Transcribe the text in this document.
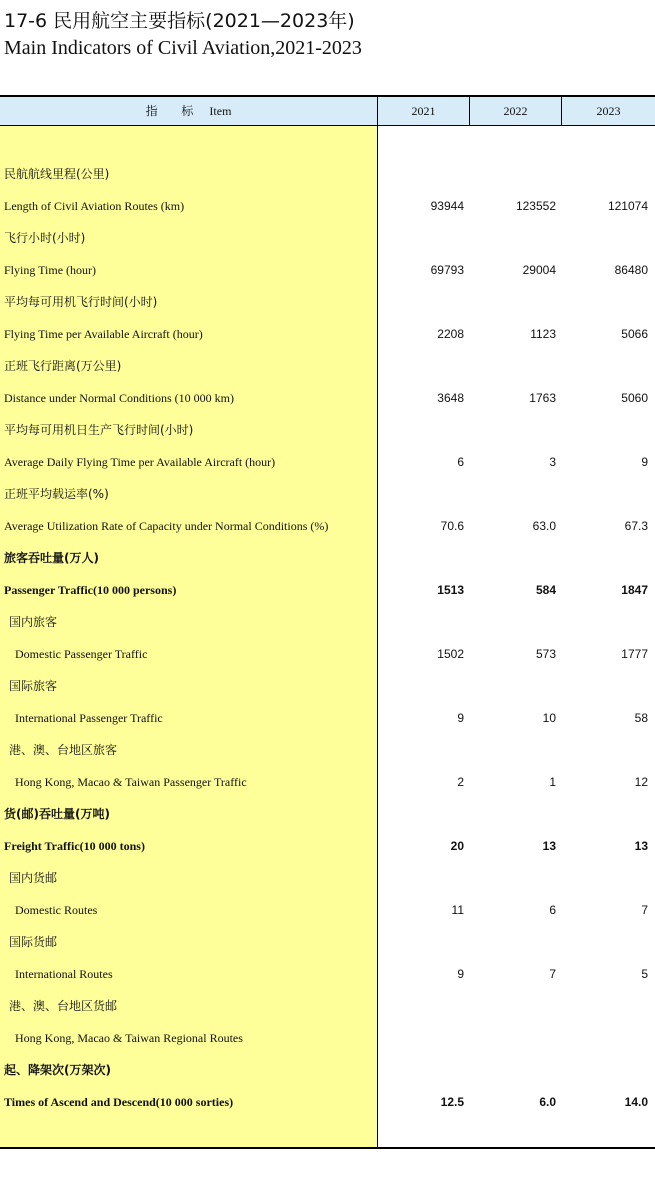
17-6 民用航空主要指标(2021—2023年)
Main Indicators of Civil Aviation,2021-2023
指 标 Item	2021	2022	2023
民航航线里程(公里)
Length of Civil Aviation Routes (km)	93944	123552	121074
飞行小时(小时)
Flying Time (hour)	69793	29004	86480
平均每可用机飞行时间(小时)
Flying Time per Available Aircraft (hour)	2208	1123	5066
正班飞行距离(万公里)
Distance under Normal Conditions (10 000 km)	3648	1763	5060
平均每可用机日生产飞行时间(小时)
Average Daily Flying Time per Available Aircraft (hour)	6	3	9
正班平均载运率(%)
Average Utilization Rate of Capacity under Normal Conditions (%)	70.6	63.0	67.3
旅客吞吐量(万人)
Passenger Traffic(10 000 persons)	1513	584	1847
国内旅客
Domestic Passenger Traffic	1502	573	1777
国际旅客
International Passenger Traffic	9	10	58
港、澳、台地区旅客
Hong Kong, Macao & Taiwan Passenger Traffic	2	1	12
货(邮)吞吐量(万吨)
Freight Traffic(10 000 tons)	20	13	13
国内货邮
Domestic Routes	11	6	7
国际货邮
International Routes	9	7	5
港、澳、台地区货邮
Hong Kong, Macao & Taiwan Regional Routes
起、降架次(万架次)
Times of Ascend and Descend(10 000 sorties)	12.5	6.0	14.0
